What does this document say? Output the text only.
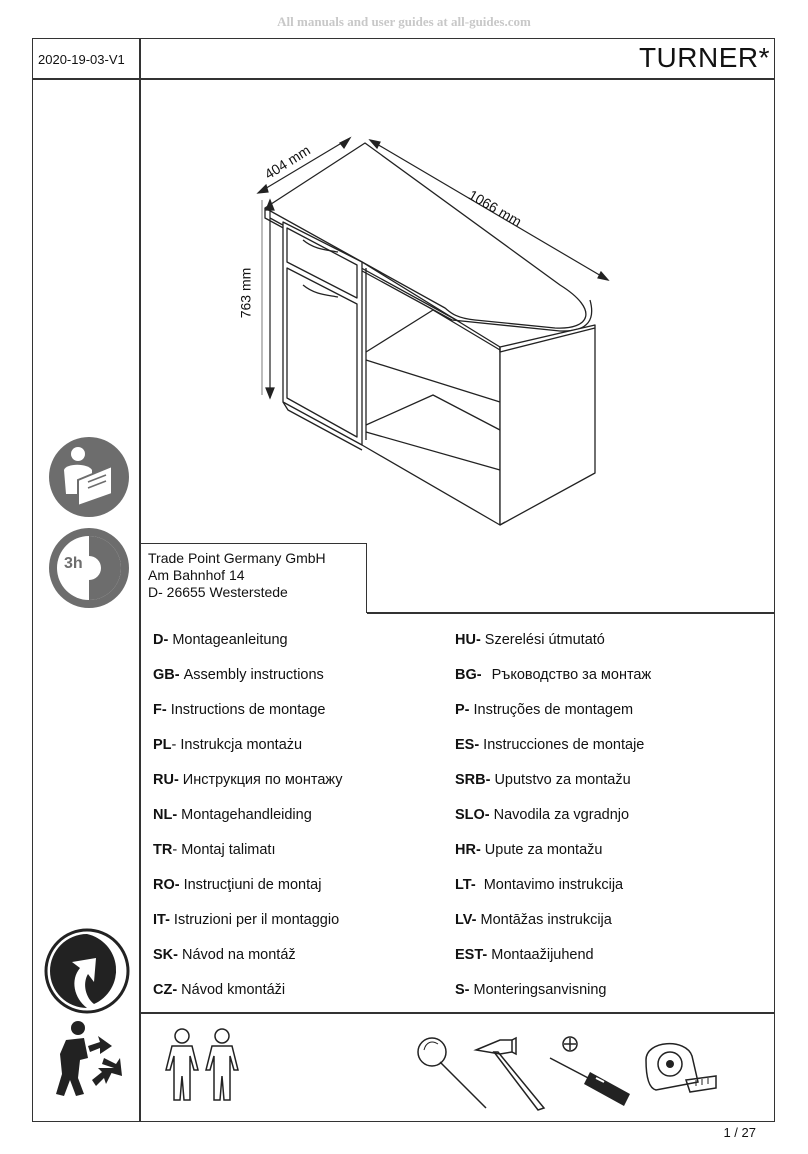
All manuals and user guides at all-guides.com
2020-19-03-V1	TURNER*
404 mm
1066 mm
763 mm
3h	Trade Point Germany GmbH
Am Bahnhof 14
D- 26655 Westerstede
D- Montageanleitung
GB- Assembly instructions
F- Instructions de montage
PL- Instrukcja montażu
RU- Инструкция по монтажу
NL- Montagehandleiding
TR- Montaj talimatı
RO- Instrucţiuni de montaj
IT- Istruzioni per il montaggio
SK- Návod na montáž
CZ- Návod kmontáži
HU- Szerelési útmutató
BG- Ръководство за монтаж
P- Instruções de montagem
ES- Instrucciones de montaje
SRB- Uputstvo za montažu
SLO- Navodila za vgradnjo
HR- Upute za montažu
LT- Montavimo instrukcija
LV- Montāžas instrukcija
EST- Montaažijuhend
S- Monteringsanvisning
1 / 27
